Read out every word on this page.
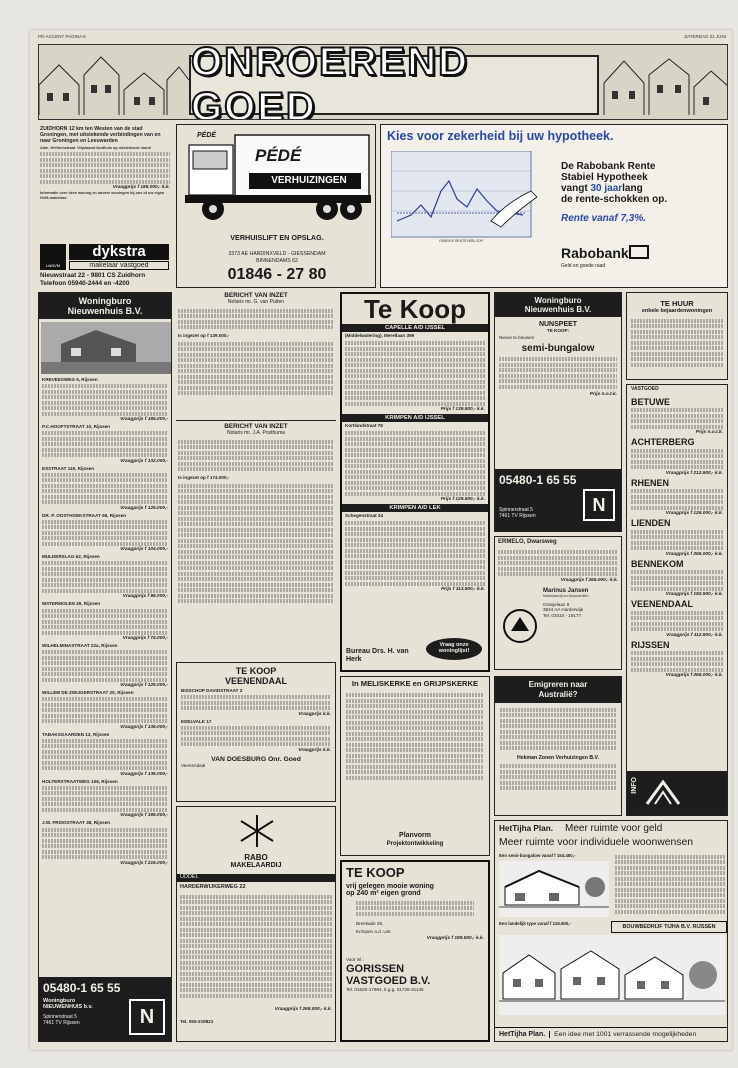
PD-ACCENT PAGINA 6	ZATERDAG 21 JUNI
ONROEREND GOED
ZUIDHORN 12 km ten Westen van de stad Groningen, met uitstekende verbindingen van en naar Groningen en Leeuwarden
Adm. Helfrichstraat. Vrijstaand landhuis op uitstekende stand
Vraagprijs f 185.000,- k.k.
Informatie over deze woning en andere woningen bij ons of uw eigen NVM-makelaar.
LidNVM
dykstra
makelaar vastgoed
Nieuwstraat 22 - 9801 CS Zuidhorn
Telefoon 05940-2444 en -4200
PÉDÉ
PÉDÉ
VERHUIZINGEN
VERHUISLIFT EN OPSLAG.
3373 AE HARDINXVELD - GIESSENDAM
BINNENDAMS 62
01846 - 27 80
Kies voor zekerheid bij uw hypotheek.
GRAFIEK RENTEVERLOOP
De Rabobank Rente
Stabiel Hypotheek
vangt 30 jaarlang
de rente-schokken op.
Rente vanaf 7,3%.
Rabobank
Geld en goede raad
Woningburo
Nieuwenhuis B.V.
KREVEESWEG 6, Rijssen
Vraagprijs f 185.000,-
P.C.HOOFTSTRAAT 10, Rijssen
Vraagprijs f 132.000,-
ESSTRAAT 119, Rijssen
Vraagprijs f 125.000,-
DR. P. OOSTHOEKSTRAAT 69, Rijssen
Vraagprijs f 104.000,-
MULDERSLAG 62, Rijssen
Vraagprijs f 95.000,-
WATERMOLEN 29, Rijssen
Vraagprijs f 74.000,-
WILHELMINASTRAAT 22a, Rijssen
Vraagprijs f 125.000,-
WILLEM DE ZWIJGERSTRAAT 20, Rijssen
Vraagprijs f 136.000,-
TABAKSGAARDEN 13, Rijssen
Vraagprijs f 135.000,-
HOLTERSTRAATWEG 106, Rijssen
Vraagprijs f 195.000,-
J.W. FRISOSTRAAT 38, Rijssen
Vraagprijs f 215.000,-
05480-1 65 55
Woningburo
NIEUWENHUIS b.v.
Spinnerstraat 5
7461 TV Rijssen	N
BERICHT VAN INZET
Notaris mr. G. van Putten
Is ingezet op f 139.000,-
BERICHT VAN INZET
Notaris mr. J.A. Posthuma
Is ingezet op f 174.000,-
TE KOOP
VEENENDAAL
BISSCHOP DAVIDSTRAAT 2
Vraagprijs k.k.
EDELVALK 17
Vraagprijs k.k.
VAN DOESBURG Onr. Goed
Veenendaal
RABO
MAKELAARDIJ
UDDEL
HARDERWIJKERWEG 22
Vraagprijs f 265.000,- k.k.
Tel. 055-219821
Te Koop
CAPELLE A/D IJSSEL
(Middelwatering), Merellaan 399
Prijs f 139.500,- k.k.
KRIMPEN A/D IJSSEL
Kortlandstraat 78
Prijs f 129.500,- k.k.
KRIMPEN A/D LEK
Schegenstraat 34
Prijs f 113.500,- k.k.
Bureau Drs. H. van Herk
Vraag onze
woninglijst!
Woningburo
Nieuwenhuis B.V.
NUNSPEET
TE KOOP:
Nieuw te bouwen
semi-bungalow
Prijs n.o.t.k.
05480-1 65 55
Spinnerstraat 5
7461 TV Rijssen
N
ERMELO, Dwarsweg
Vraagprijs f 265.000,- k.k.
Marinus Jansen
Makelaardij en Assurantiën
Oranjelaan 6
3844 AA Harderwijk
Tel. 03410 - 19177
In MELISKERKE en GRIJPSKERKE
Planvorm
Projektontwikkeling
Emigreren naar
Australië?
Hekman Zonen Verhuizingen B.V.
TE KOOP
vrij gelegen mooie woning
op 240 m² eigen grond
Breekade 29,
Krimpen a.d. Lek
Vraagprijs f 189.500,- k.k.
Voor inl.:
GORISSEN
VASTGOED B.V.
Tel. 01820-17984, b.g.g. 01726-31145
TE HUUR
enkele bejaardenwoningen
VASTGOED
BETUWE
Prijs n.o.t.k.
ACHTERBERG
Vraagprijs f 212.500,- k.k.
RHENEN
Vraagprijs f 126.000,- k.k.
LIENDEN
Vraagprijs f 265.000,- k.k.
BENNEKOM
Vraagprijs f 192.500,- k.k.
VEENENDAAL
Vraagprijs f 112.500,- k.k.
RIJSSEN
Vraagprijs f 265.000,- k.k.
INFO
HetTijha Plan. Meer ruimte voor geld
Meer ruimte voor individuele woonwensen
Een semi-bungalow vanaf f 154.450,-
Een landelijk type vanaf f 116.500,-
BOUWBEDRIJF TIJHA B.V. RIJSSEN
HetTijha Plan.	Een idee met 1001 verrassende mogelijkheden
